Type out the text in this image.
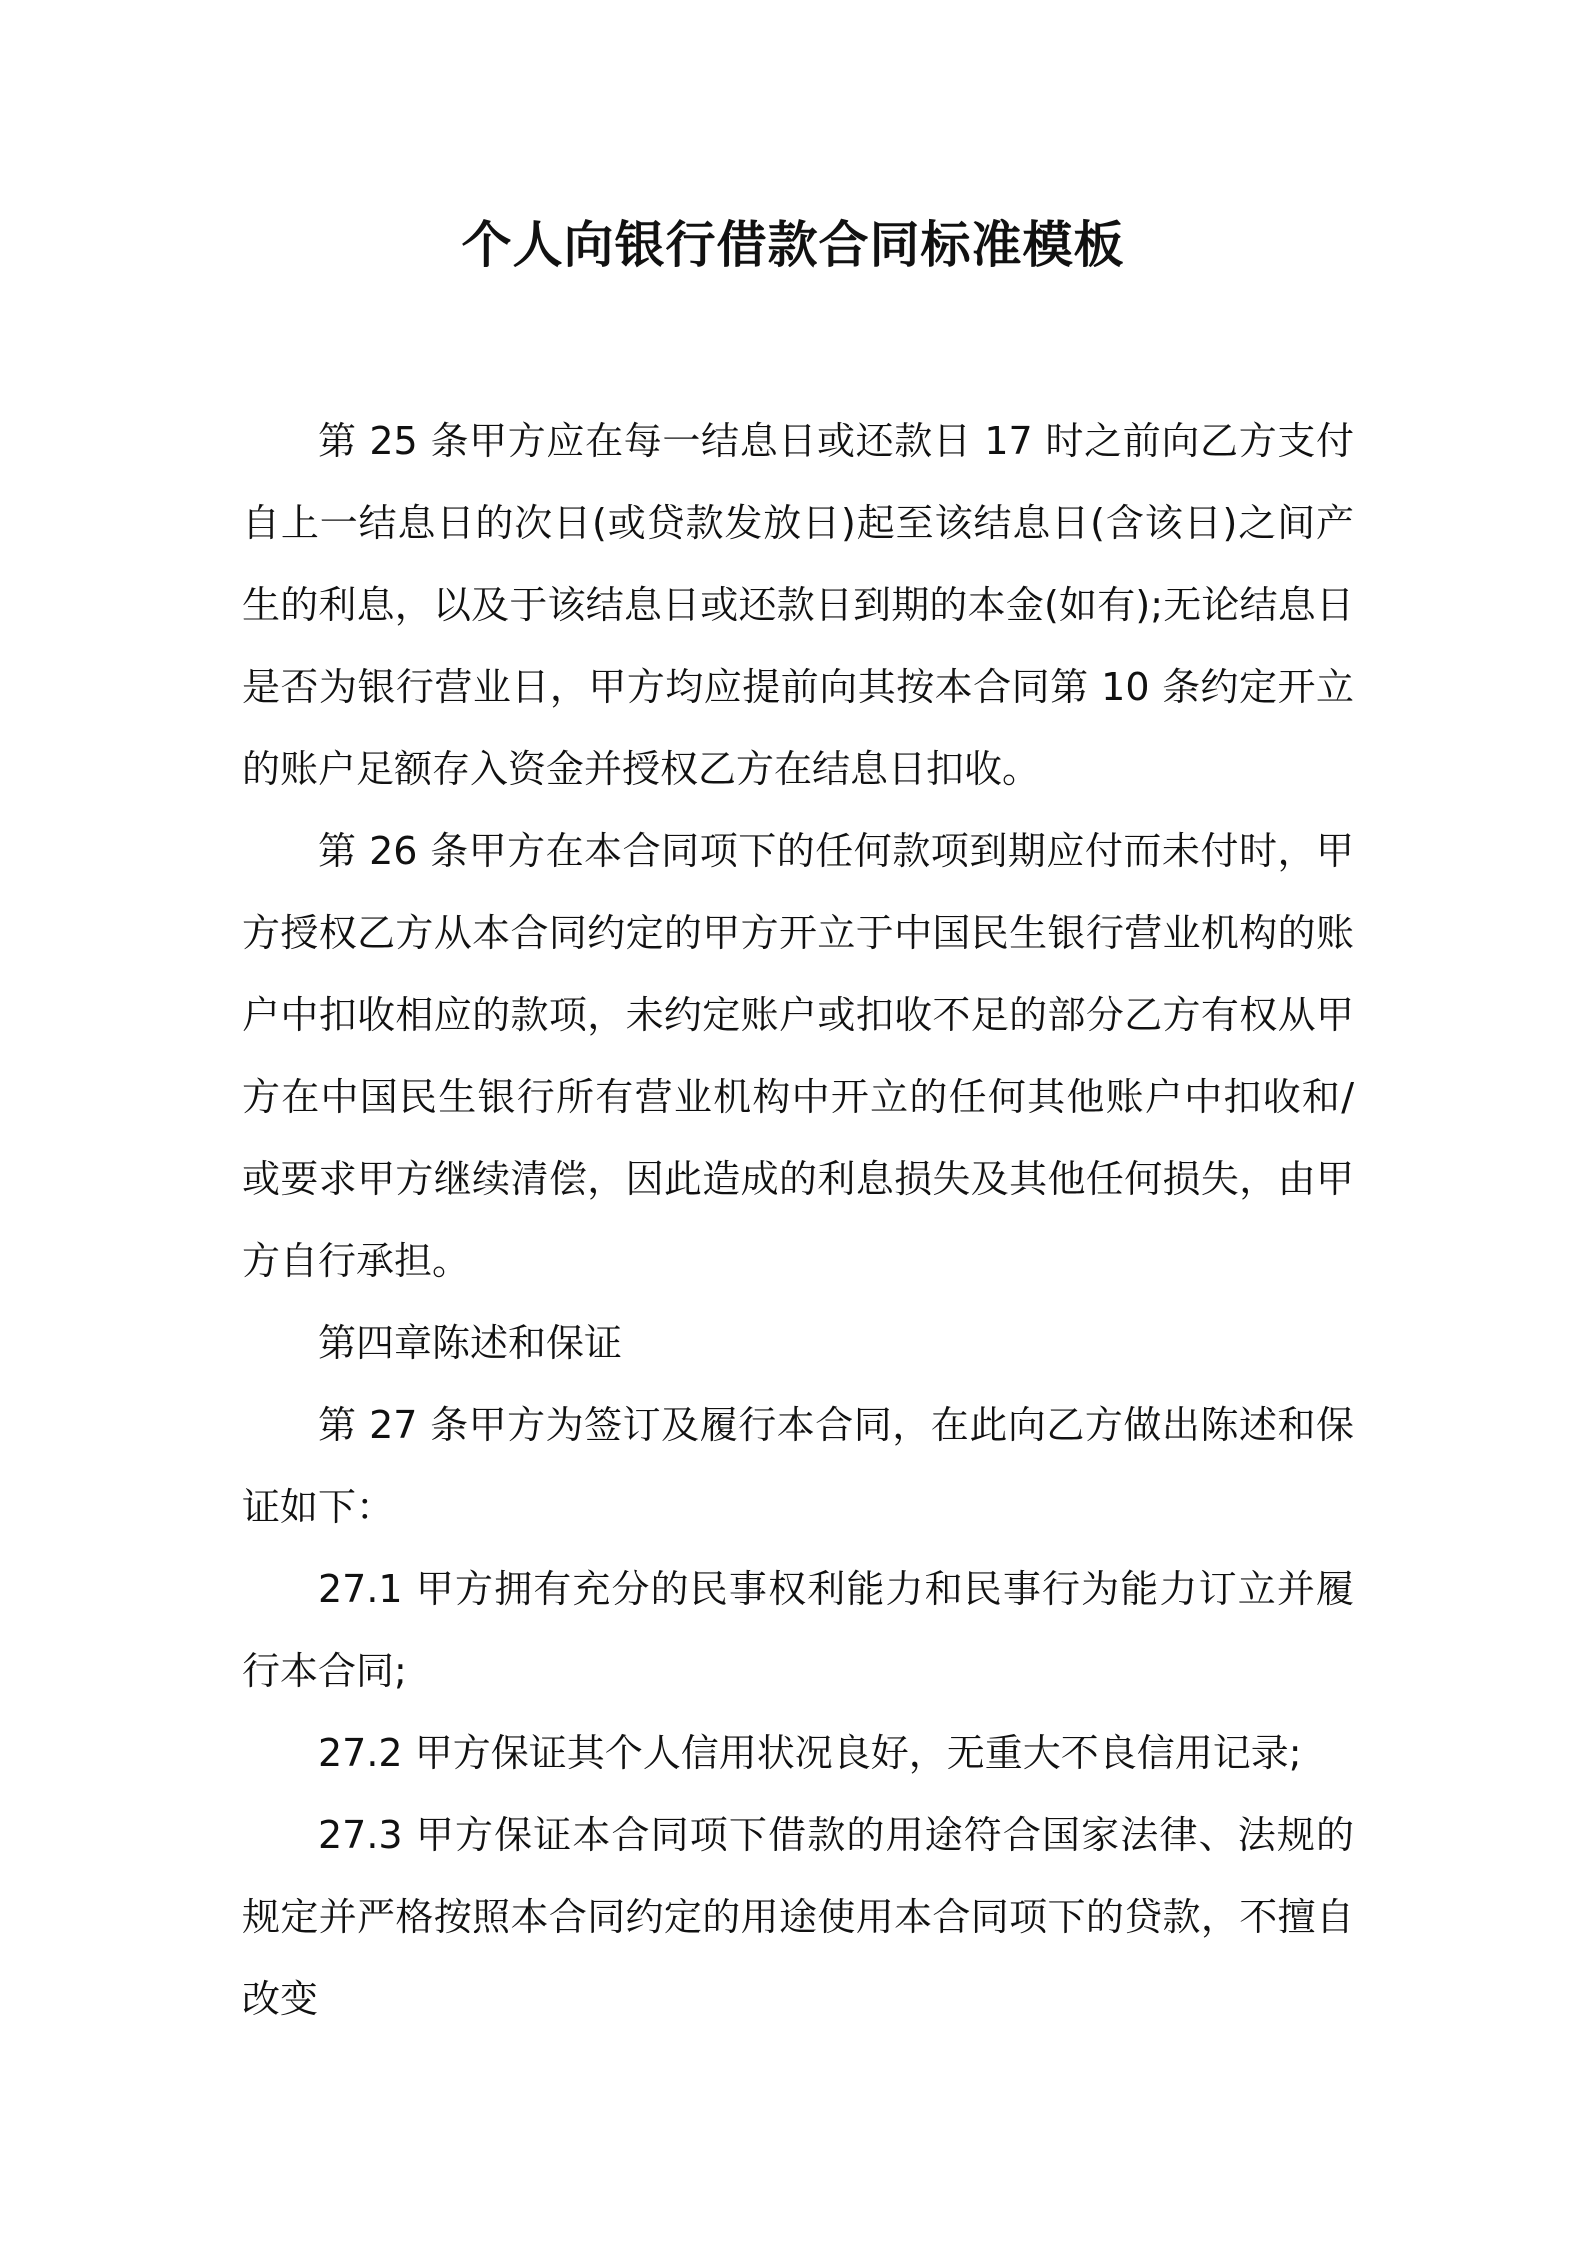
个人向银行借款合同标准模板

第 25 条甲方应在每一结息日或还款日 17 时之前向乙方支付自上一结息日的次日(或贷款发放日)起至该结息日(含该日)之间产生的利息，以及于该结息日或还款日到期的本金(如有);无论结息日是否为银行营业日，甲方均应提前向其按本合同第 10 条约定开立的账户足额存入资金并授权乙方在结息日扣收。

第 26 条甲方在本合同项下的任何款项到期应付而未付时，甲方授权乙方从本合同约定的甲方开立于中国民生银行营业机构的账户中扣收相应的款项，未约定账户或扣收不足的部分乙方有权从甲方在中国民生银行所有营业机构中开立的任何其他账户中扣收和/或要求甲方继续清偿，因此造成的利息损失及其他任何损失，由甲方自行承担。

第四章陈述和保证

第 27 条甲方为签订及履行本合同，在此向乙方做出陈述和保证如下：

27.1 甲方拥有充分的民事权利能力和民事行为能力订立并履行本合同;

27.2 甲方保证其个人信用状况良好，无重大不良信用记录;

27.3 甲方保证本合同项下借款的用途符合国家法律、法规的规定并严格按照本合同约定的用途使用本合同项下的贷款，不擅自改变
